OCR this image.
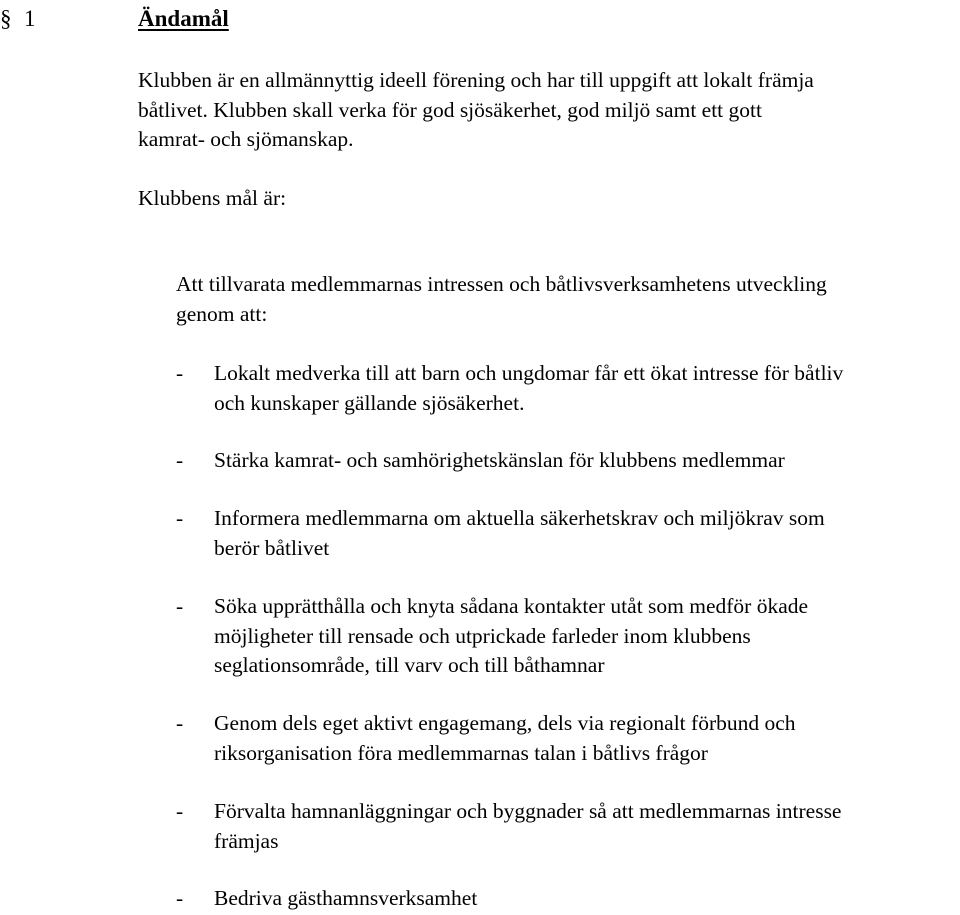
§ 1	Ändamål
Klubben är en allmännyttig ideell förening och har till uppgift att lokalt främja
båtlivet. Klubben skall verka för god sjösäkerhet, god miljö samt ett gott
kamrat- och sjömanskap.
Klubbens mål är:
Att tillvarata medlemmarnas intressen och båtlivsverksamhetens utveckling
genom att:
- Lokalt medverka till att barn och ungdomar får ett ökat intresse för båtliv
och kunskaper gällande sjösäkerhet.
- Stärka kamrat- och samhörighetskänslan för klubbens medlemmar
- Informera medlemmarna om aktuella säkerhetskrav och miljökrav som
berör båtlivet
- Söka upprätthålla och knyta sådana kontakter utåt som medför ökade
möjligheter till rensade och utprickade farleder inom klubbens
seglationsområde, till varv och till båthamnar
- Genom dels eget aktivt engagemang, dels via regionalt förbund och
riksorganisation föra medlemmarnas talan i båtlivs frågor
- Förvalta hamnanläggningar och byggnader så att medlemmarnas intresse
främjas
- Bedriva gästhamnsverksamhet
